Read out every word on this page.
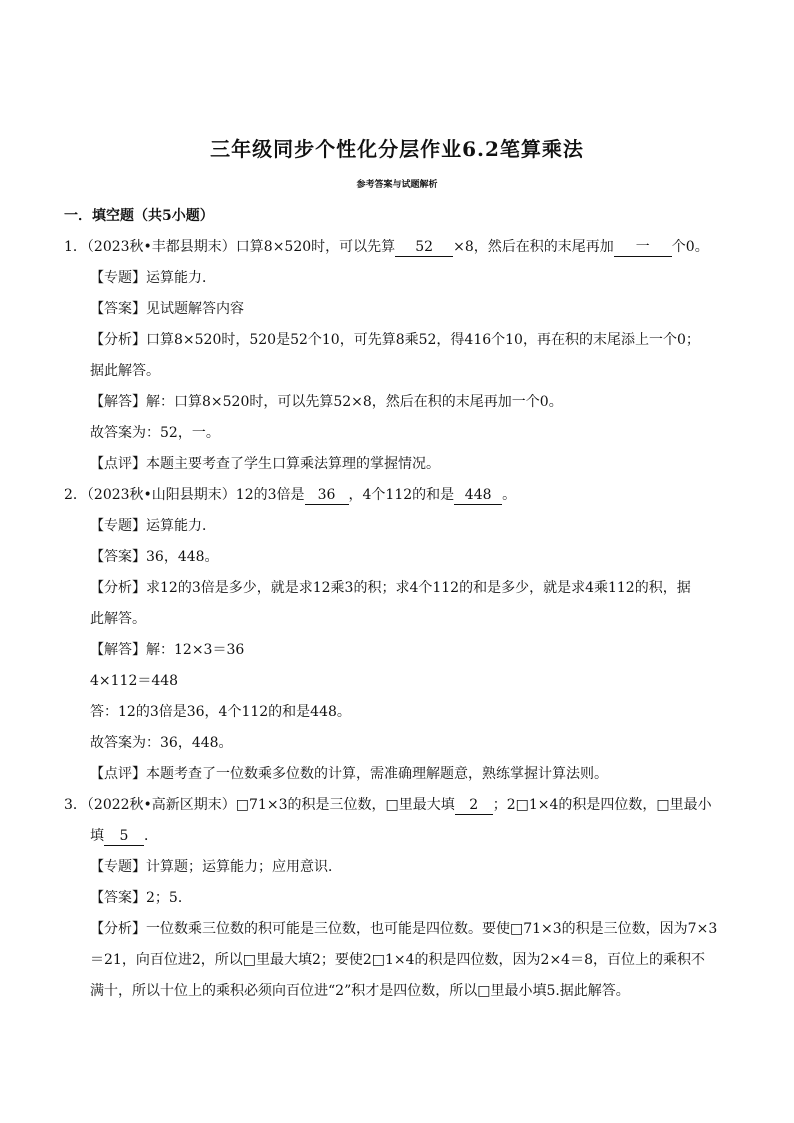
三年级同步个性化分层作业6.2笔算乘法
参考答案与试题解析
一．填空题（共5小题）
1．（2023秋•丰都县期末）口算8×520时，可以先算 52 ×8，然后在积的末尾再加 一 个0。
【专题】运算能力．
【答案】见试题解答内容
【分析】口算8×520时，520是52个10，可先算8乘52，得416个10，再在积的末尾添上一个0；
据此解答。
【解答】解：口算8×520时，可以先算52×8，然后在积的末尾再加一个0。
故答案为：52，一。
【点评】本题主要考查了学生口算乘法算理的掌握情况。
2．（2023秋•山阳县期末）12的3倍是 36 ，4个112的和是 448 。
【专题】运算能力．
【答案】36，448。
【分析】求12的3倍是多少，就是求12乘3的积；求4个112的和是多少，就是求4乘112的积，据
此解答。
【解答】解：12×3＝36
4×112＝448
答：12的3倍是36，4个112的和是448。
故答案为：36，448。
【点评】本题考查了一位数乘多位数的计算，需准确理解题意，熟练掌握计算法则。
3．（2022秋•高新区期末）□71×3的积是三位数，□里最大填 2 ；2□1×4的积是四位数，□里最小
填 5 ．
【专题】计算题；运算能力；应用意识．
【答案】2；5．
【分析】一位数乘三位数的积可能是三位数，也可能是四位数。要使□71×3的积是三位数，因为7×3
＝21，向百位进2，所以□里最大填2；要使2□1×4的积是四位数，因为2×4＝8，百位上的乘积不
满十，所以十位上的乘积必须向百位进“2”积才是四位数，所以□里最小填5.据此解答。
